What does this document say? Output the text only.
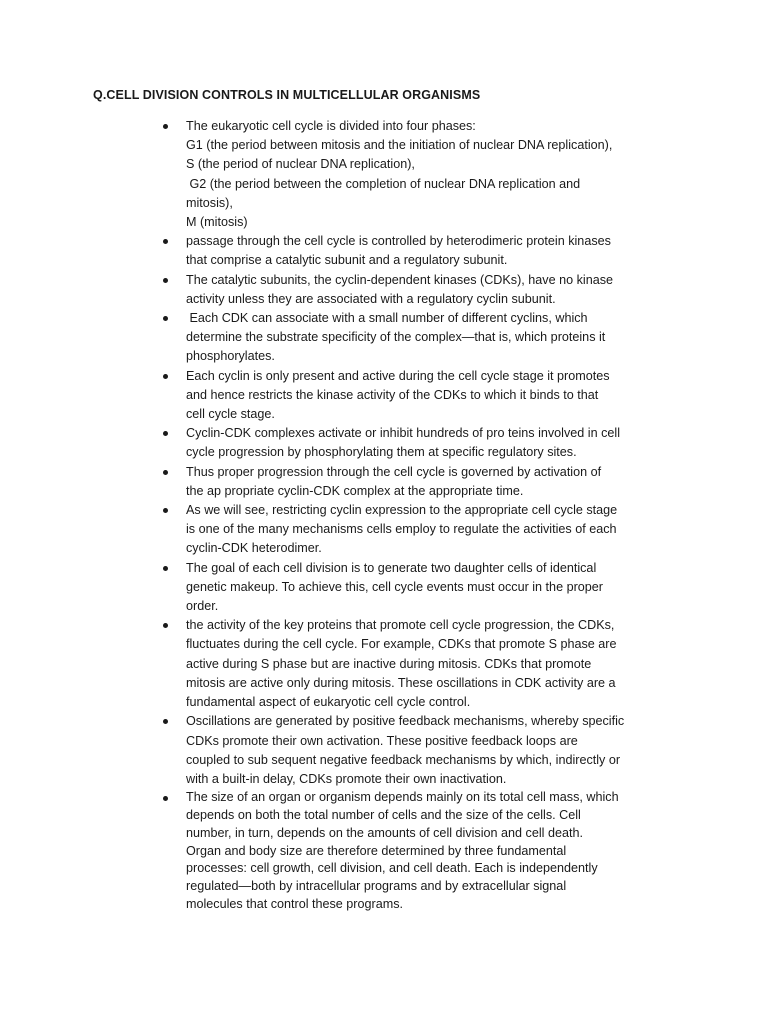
Q.CELL DIVISION CONTROLS IN MULTICELLULAR ORGANISMS
The eukaryotic cell cycle is divided into four phases:
G1 (the period between mitosis and the initiation of nuclear DNA replication),
S (the period of nuclear DNA replication),
G2 (the period between the completion of nuclear DNA replication and
mitosis),
M (mitosis)
passage through the cell cycle is controlled by heterodimeric protein kinases
that comprise a catalytic subunit and a regulatory subunit.
The catalytic subunits, the cyclin-dependent kinases (CDKs), have no kinase
activity unless they are associated with a regulatory cyclin subunit.
Each CDK can associate with a small number of different cyclins, which
determine the substrate specificity of the complex—that is, which proteins it
phosphorylates.
Each cyclin is only present and active during the cell cycle stage it promotes
and hence restricts the kinase activity of the CDKs to which it binds to that
cell cycle stage.
Cyclin-CDK complexes activate or inhibit hundreds of pro teins involved in cell
cycle progression by phosphorylating them at specific regulatory sites.
Thus proper progression through the cell cycle is governed by activation of
the ap propriate cyclin-CDK complex at the appropriate time.
As we will see, restricting cyclin expression to the appropriate cell cycle stage
is one of the many mechanisms cells employ to regulate the activities of each
cyclin-CDK heterodimer.
The goal of each cell division is to generate two daughter cells of identical
genetic makeup. To achieve this, cell cycle events must occur in the proper
order.
the activity of the key proteins that promote cell cycle progression, the CDKs,
fluctuates during the cell cycle. For example, CDKs that promote S phase are
active during S phase but are inactive during mitosis. CDKs that promote
mitosis are active only during mitosis. These oscillations in CDK activity are a
fundamental aspect of eukaryotic cell cycle control.
Oscillations are generated by positive feedback mechanisms, whereby specific
CDKs promote their own activation. These positive feedback loops are
coupled to sub sequent negative feedback mechanisms by which, indirectly or
with a built-in delay, CDKs promote their own inactivation.
The size of an organ or organism depends mainly on its total cell mass, which
depends on both the total number of cells and the size of the cells. Cell
number, in turn, depends on the amounts of cell division and cell death.
Organ and body size are therefore determined by three fundamental
processes: cell growth, cell division, and cell death. Each is independently
regulated—both by intracellular programs and by extracellular signal
molecules that control these programs.
